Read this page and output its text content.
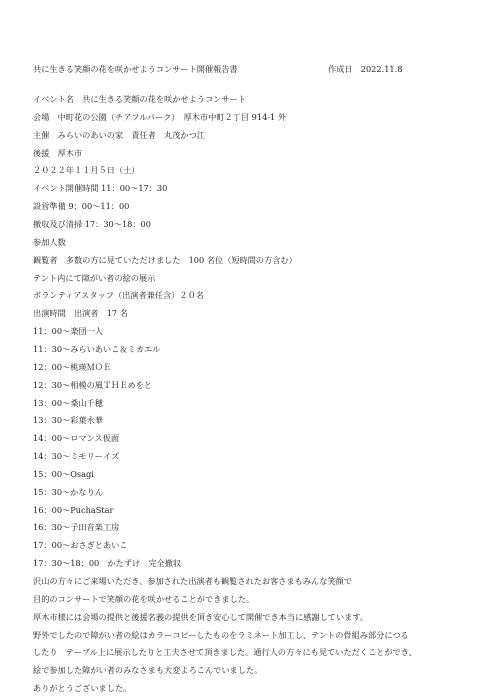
共に生きる笑顔の花を咲かせようコンサート開催報告書	作成日　2022.11.8
イベント名　共に生きる笑顔の花を咲かせようコンサート
会場　中町花の公園（チアフルパーク）　厚木市中町２丁目 914-1 外
主催　みらいのあいの家　責任者　丸茂かつ江
後援　厚木市
２０２２年１１月５日（土）
イベント開催時間 11：00～17：30
設営準備 9：00～11：00
撤収及び清掃 17：30～18：00
参加人数
観覧者　多数の方に見ていただけました　100 名位（短時間の方含む）
テント内にて障がい者の絵の展示
ボランティアスタッフ（出演者兼任含）２０名
出演時間　出演者　17 名
11：00～楽団一人
11：30～みらいあいこ＆ミカエル
12：00～桃瑛ＭＯＥ
12：30～相模の風ＴＨＥめをと
13：00～桑山千穂
13：30～彩葉永華
14：00～ロマンス仮面
14：30～ミモリーイズ
15：00～Osagi
15：30～かなりん
16：00～PuchaStar
16：30～子田音楽工房
17：00～おさぎとあいこ
17：30～18：00　かたずけ　完全撤収
沢山の方々にご来場いただき、参加された出演者も観覧されたお客さまもみんな笑顔で
目的のコンサートで笑顔の花を咲かせることができました。
厚木市様には会場の提供と後援名義の提供を頂き安心して開催でき本当に感謝しています。
野外でしたので障がい者の絵はカラーコピーしたものをラミネート加工し、テントの骨組み部分につる
したり　テーブル上に展示したりと工夫させて頂きました。通行人の方々にも見ていただくことができ、
絵で参加した障がい者のみなさまも大変よろこんでいました。
ありがとうございました。
